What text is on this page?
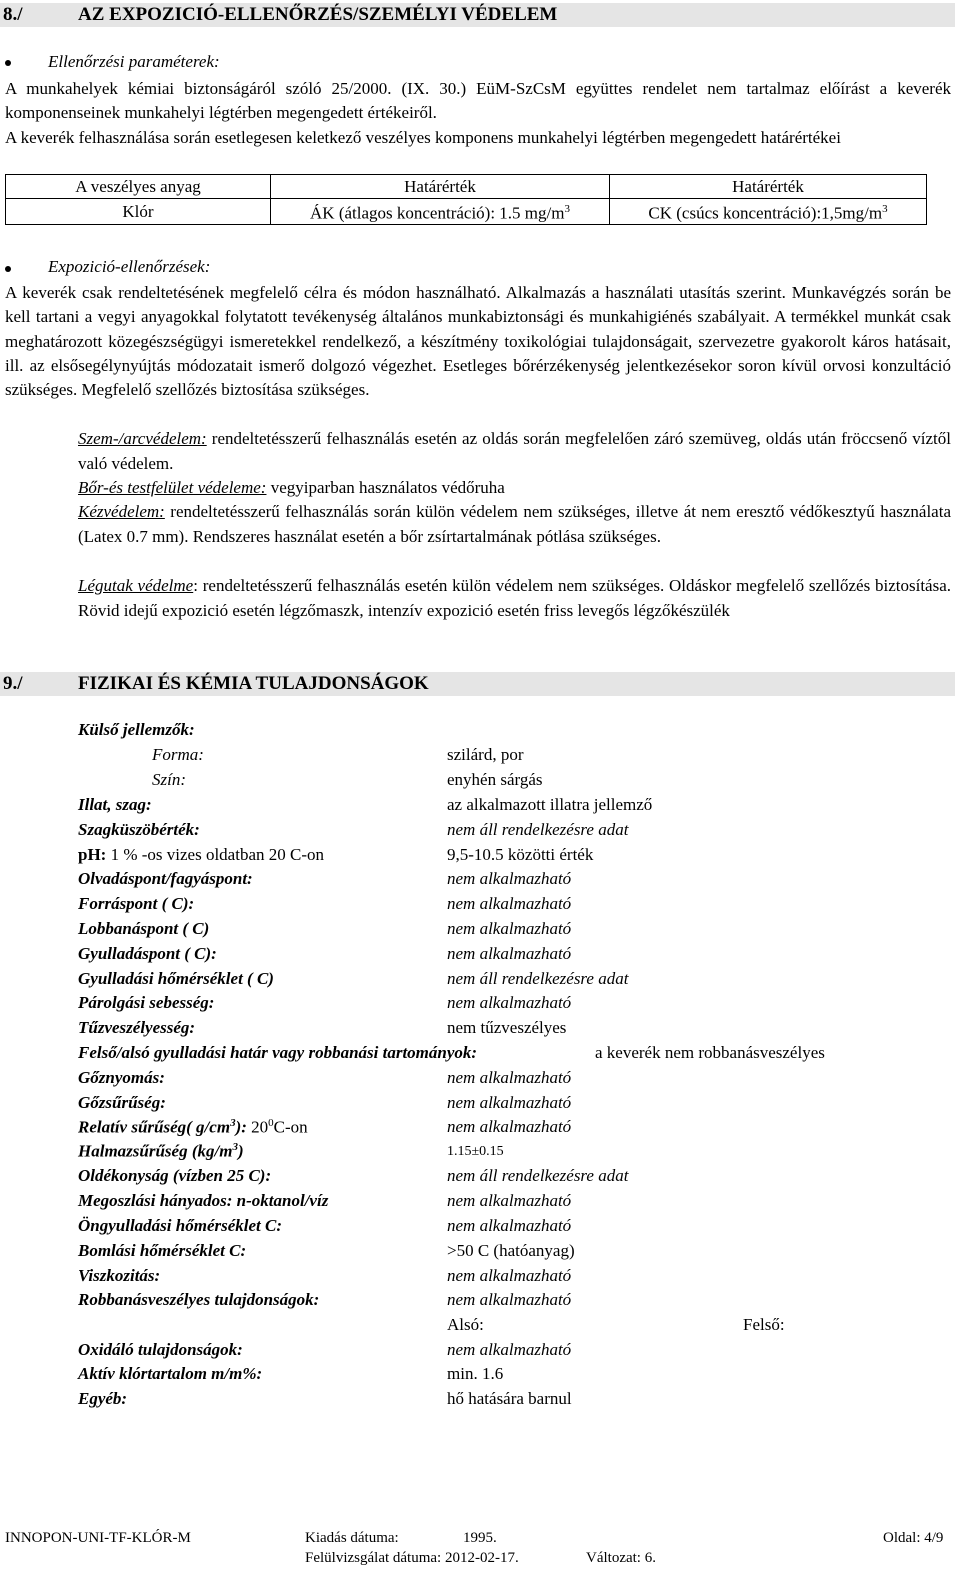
8./	AZ EXPOZICIÓ-ELLENŐRZÉS/SZEMÉLYI VÉDELEM
Ellenőrzési paraméterek:
A munkahelyek kémiai biztonságáról szóló 25/2000. (IX. 30.) EüM-SzCsM együttes rendelet nem tartalmaz előírást a keverék komponenseinek munkahelyi légtérben megengedett értékeiről.
A keverék felhasználása során esetlegesen keletkező veszélyes komponens munkahelyi légtérben megengedett határértékei
A veszélyes anyag	Határérték	Határérték
Klór	ÁK (átlagos koncentráció): 1.5 $mg/m^3$	CK (csúcs $koncentráció):1,5mg/m^3$
Expozició-ellenőrzések:
A keverék csak rendeltetésének megfelelő célra és módon használható. Alkalmazás a használati utasítás szerint. Munkavégzés során be kell tartani a vegyi anyagokkal folytatott tevékenység általános munkabiztonsági és munkahigiénés szabályait. A termékkel munkát csak meghatározott közegészségügyi ismeretekkel rendelkező, a készítmény toxikológiai tulajdonságait, szervezetre gyakorolt káros hatásait, ill. az elsősegélynyújtás módozatait ismerő dolgozó végezhet. Esetleges bőrérzékenység jelentkezésekor soron kívül orvosi konzultáció szükséges. Megfelelő szellőzés biztosítása szükséges.
Szem-/arcvédelem: rendeltetésszerű felhasználás esetén az oldás során megfelelően záró szemüveg, oldás után fröccsenő víztől való védelem.
Bőr-és testfelület védeleme: vegyiparban használatos védőruha
Kézvédelem: rendeltetésszerű felhasználás során külön védelem nem szükséges, illetve át nem eresztő védőkesztyű használata (Latex 0.7 mm). Rendszeres használat esetén a bőr zsírtartalmának pótlása szükséges.
Légutak védelme: rendeltetésszerű felhasználás esetén külön védelem nem szükséges. Oldáskor megfelelő szellőzés biztosítása. Rövid idejű expozició esetén légzőmaszk, intenzív expozició esetén friss levegős légzőkészülék
9./	FIZIKAI ÉS KÉMIA TULAJDONSÁGOK
Külső jellemzők:
Forma:	szilárd, por
Szín:	enyhén sárgás
Illat, szag:	az alkalmazott illatra jellemző
Szagküszöbérték:	nem áll rendelkezésre adat
pH: 1 % -os vizes oldatban 20 C-on	9,5-10.5 közötti érték
Olvadáspont/fagyáspont:	nem alkalmazható
Forráspont ( C):	nem alkalmazható
Lobbanáspont ( C)	nem alkalmazható
Gyulladáspont ( C):	nem alkalmazható
Gyulladási hőmérséklet ( C)	nem áll rendelkezésre adat
Párolgási sebesség:	nem alkalmazható
Tűzveszélyesség:	nem tűzveszélyes
Felső/alsó gyulladási határ vagy robbanási tartományok:	a keverék nem robbanásveszélyes
Gőznyomás:	nem alkalmazható
Gőzsűrűség:	nem alkalmazható
Relatív sűrűség( $g/cm^3$): $20^0C-on$	nem alkalmazható
Halmazsűrűség $(kg/m^3)$	1.15±0.15
Oldékonyság (vízben 25 C):	nem áll rendelkezésre adat
Megoszlási hányados: n-oktanol/víz	nem alkalmazható
Öngyulladási hőmérséklet C:	nem alkalmazható
Bomlási hőmérséklet C:	>50 C (hatóanyag)
Viszkozitás:	nem alkalmazható
Robbanásveszélyes tulajdonságok:	nem alkalmazható
Alsó:	Felső:
Oxidáló tulajdonságok:	nem alkalmazható
Aktív klórtartalom m/m%:	min. 1.6
Egyéb:	hő hatására barnul
INNOPON-UNI-TF-KLÓR-M	Kiadás dátuma:	1995.	Oldal: 4/9
Felülvizsgálat dátuma: 2012-02-17.	Változat: 6.
